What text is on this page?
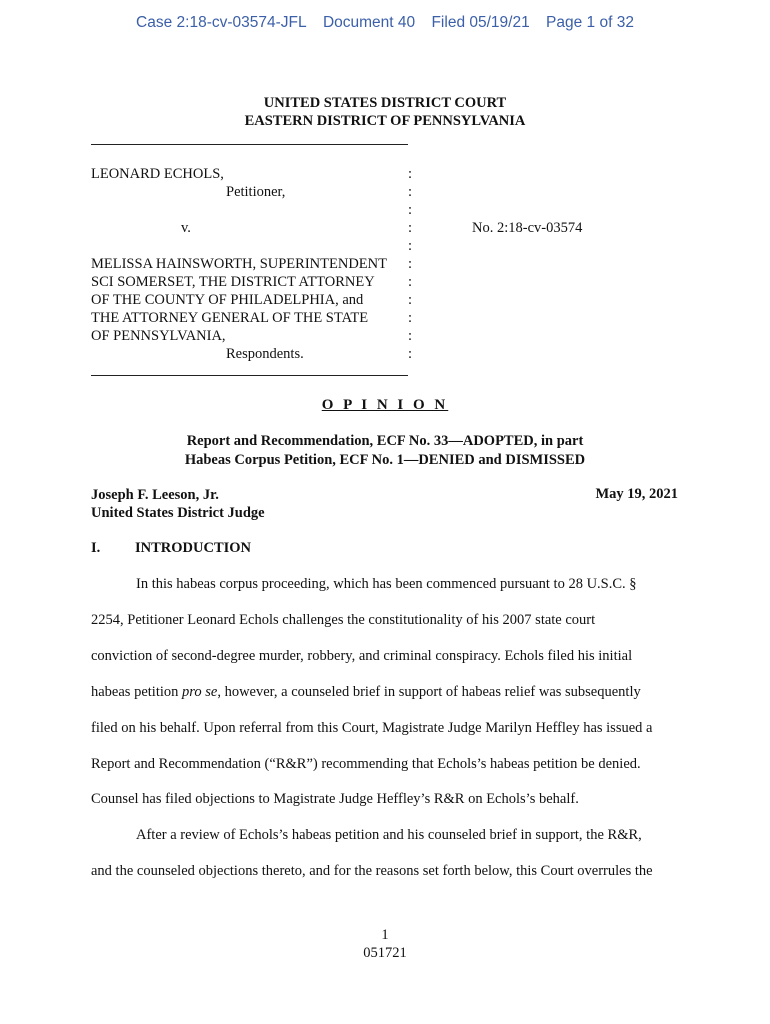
Case 2:18-cv-03574-JFL Document 40 Filed 05/19/21 Page 1 of 32
UNITED STATES DISTRICT COURT
EASTERN DISTRICT OF PENNSYLVANIA
LEONARD ECHOLS,
Petitioner,
v.
MELISSA HAINSWORTH, SUPERINTENDENT
SCI SOMERSET, THE DISTRICT ATTORNEY
OF THE COUNTY OF PHILADELPHIA, and
THE ATTORNEY GENERAL OF THE STATE
OF PENNSYLVANIA,
Respondents.
:
:
:
:
:
:
:
:
:
:
:
No. 2:18-cv-03574
O P I N I O N
Report and Recommendation, ECF No. 33—ADOPTED, in part
Habeas Corpus Petition, ECF No. 1—DENIED and DISMISSED
Joseph F. Leeson, Jr.
United States District Judge
May 19, 2021
I. INTRODUCTION
In this habeas corpus proceeding, which has been commenced pursuant to 28 U.S.C. §
2254, Petitioner Leonard Echols challenges the constitutionality of his 2007 state court
conviction of second-degree murder, robbery, and criminal conspiracy. Echols filed his initial
habeas petition pro se, however, a counseled brief in support of habeas relief was subsequently
filed on his behalf. Upon referral from this Court, Magistrate Judge Marilyn Heffley has issued a
Report and Recommendation (“R&R”) recommending that Echols’s habeas petition be denied.
Counsel has filed objections to Magistrate Judge Heffley’s R&R on Echols’s behalf.
After a review of Echols’s habeas petition and his counseled brief in support, the R&R,
and the counseled objections thereto, and for the reasons set forth below, this Court overrules the
1
051721
